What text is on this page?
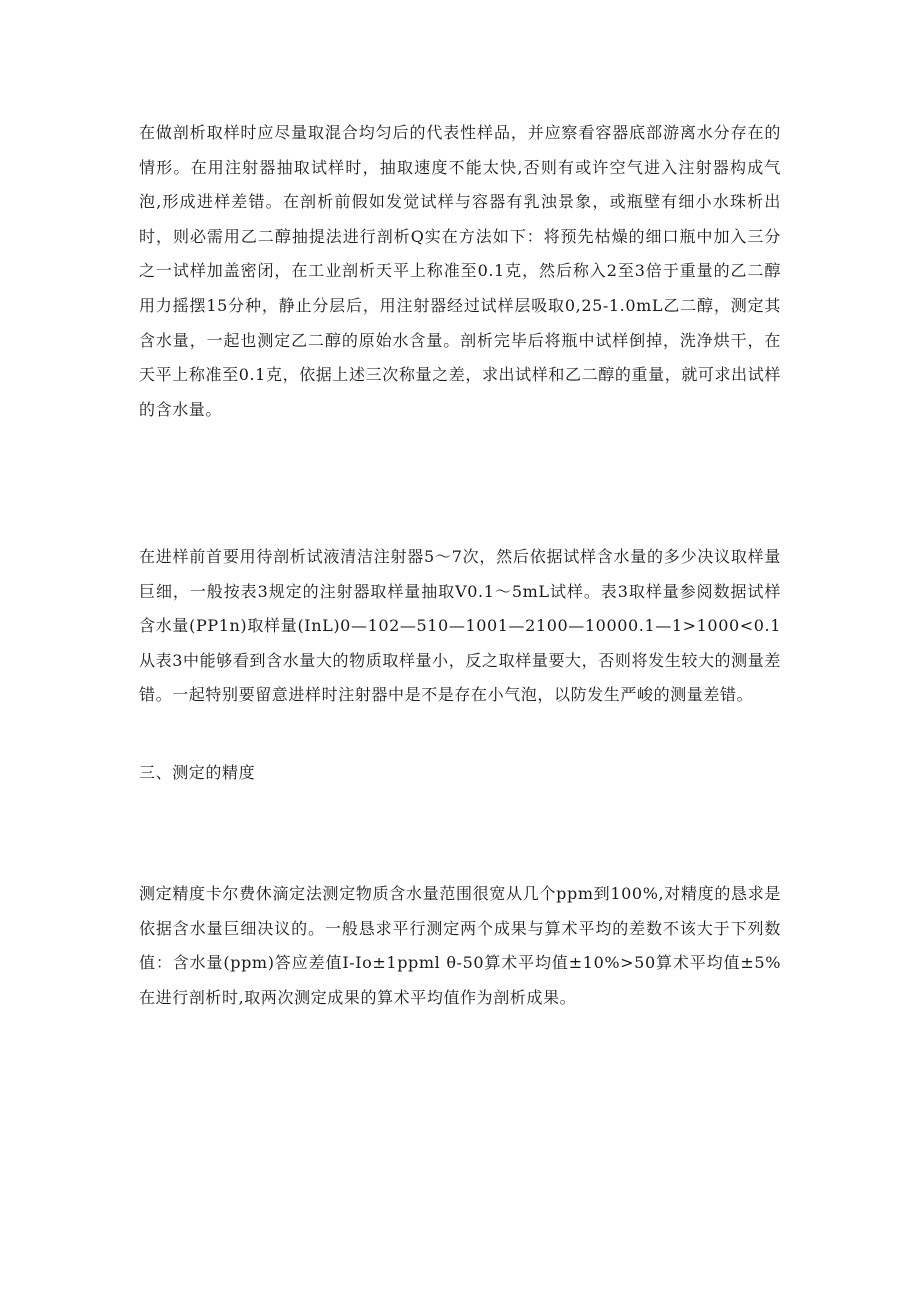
在做剖析取样时应尽量取混合均匀后的代表性样品，并应察看容器底部游离水分存在的情形。在用注射器抽取试样时，抽取速度不能太快,否则有或许空气进入注射器构成气泡,形成进样差错。在剖析前假如发觉试样与容器有乳浊景象，或瓶壁有细小水珠析出时，则必需用乙二醇抽提法进行剖析Q实在方法如下：将预先枯燥的细口瓶中加入三分之一试样加盖密闭，在工业剖析天平上称准至0.1克，然后称入2至3倍于重量的乙二醇用力摇摆15分种，静止分层后，用注射器经过试样层吸取0,25-1.0mL乙二醇，测定其含水量，一起也测定乙二醇的原始水含量。剖析完毕后将瓶中试样倒掉，洗净烘干，在天平上称准至0.1克，依据上述三次称量之差，求出试样和乙二醇的重量，就可求出试样的含水量。

在进样前首要用待剖析试液清洁注射器5～7次，然后依据试样含水量的多少决议取样量巨细，一般按表3规定的注射器取样量抽取V0.1～5mL试样。表3取样量参阅数据试样含水量(PP1n)取样量(InL)0—102—510—1001—2100—10000.1—1>1000<0.1从表3中能够看到含水量大的物质取样量小，反之取样量要大，否则将发生较大的测量差错。一起特别要留意进样时注射器中是不是存在小气泡，以防发生严峻的测量差错。

三、测定的精度

测定精度卡尔费休滴定法测定物质含水量范围很宽从几个ppm到100%,对精度的恳求是依据含水量巨细决议的。一般恳求平行测定两个成果与算术平均的差数不该大于下列数值：含水量(ppm)答应差值I-Io±1ppml θ-50算术平均值±10%>50算术平均值±5%在进行剖析时,取两次测定成果的算术平均值作为剖析成果。
